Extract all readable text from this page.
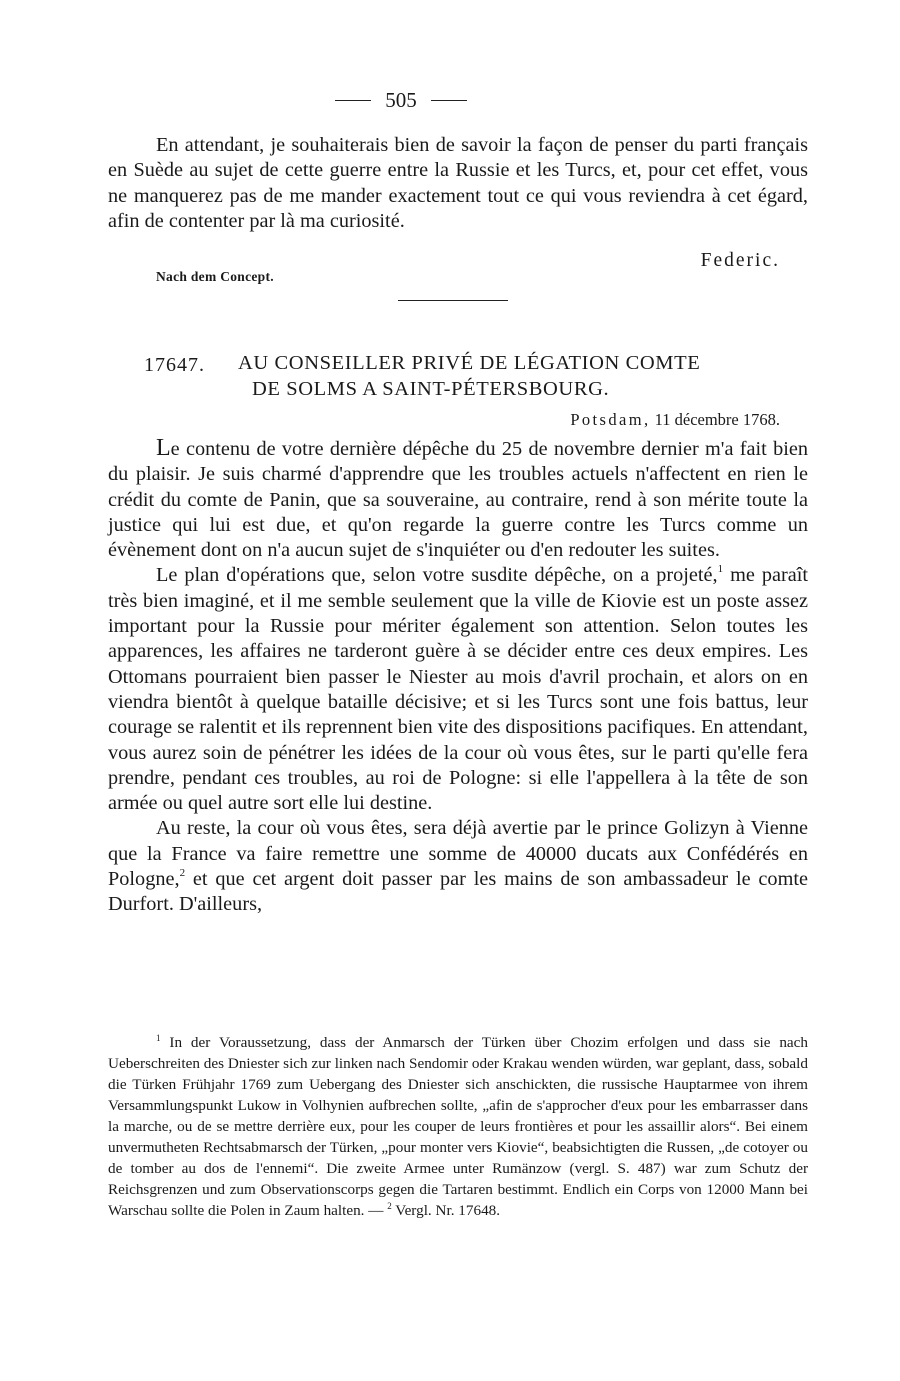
505

En attendant, je souhaiterais bien de savoir la façon de penser du parti français en Suède au sujet de cette guerre entre la Russie et les Turcs, et, pour cet effet, vous ne manquerez pas de me mander exactement tout ce qui vous reviendra à cet égard, afin de contenter par là ma curiosité.

Federic.
Nach dem Concept.
17647. AU CONSEILLER PRIVÉ DE LÉGATION COMTE
DE SOLMS A SAINT-PÉTERSBOURG.
Potsdam, 11 décembre 1768.

Le contenu de votre dernière dépêche du 25 de novembre dernier m'a fait bien du plaisir. Je suis charmé d'apprendre que les troubles actuels n'affectent en rien le crédit du comte de Panin, que sa souveraine, au contraire, rend à son mérite toute la justice qui lui est due, et qu'on regarde la guerre contre les Turcs comme un évènement dont on n'a aucun sujet de s'inquiéter ou d'en redouter les suites.

Le plan d'opérations que, selon votre susdite dépêche, on a projeté,$^1$ me paraît très bien imaginé, et il me semble seulement que la ville de Kiovie est un poste assez important pour la Russie pour mériter également son attention. Selon toutes les apparences, les affaires ne tarderont guère à se décider entre ces deux empires. Les Ottomans pourraient bien passer le Niester au mois d'avril prochain, et alors on en viendra bientôt à quelque bataille décisive; et si les Turcs sont une fois battus, leur courage se ralentit et ils reprennent bien vite des dispositions pacifiques. En attendant, vous aurez soin de pénétrer les idées de la cour où vous êtes, sur le parti qu'elle fera prendre, pendant ces troubles, au roi de Pologne: si elle l'appellera à la tête de son armée ou quel autre sort elle lui destine.

Au reste, la cour où vous êtes, sera déjà avertie par le prince Golizyn à Vienne que la France va faire remettre une somme de 40000 ducats aux Confédérés en Pologne,$^2$ et que cet argent doit passer par les mains de son ambassadeur le comte Durfort. D'ailleurs,

$^1$ In der Voraussetzung, dass der Anmarsch der Türken über Chozim erfolgen und dass sie nach Ueberschreiten des Dniester sich zur linken nach Sendomir oder Krakau wenden würden, war geplant, dass, sobald die Türken Frühjahr 1769 zum Uebergang des Dniester sich anschickten, die russische Hauptarmee von ihrem Versammlungspunkt Lukow in Volhynien aufbrechen sollte, „afin de s'approcher d'eux pour les embarrasser dans la marche, ou de se mettre derrière eux, pour les couper de leurs frontières et pour les assaillir alors“. Bei einem unvermutheten Rechtsabmarsch der Türken, „pour monter vers Kiovie“, beabsichtigten die Russen, „de cotoyer ou de tomber au dos de l'ennemi“. Die zweite Armee unter Rumänzow (vergl. S. 487) war zum Schutz der Reichsgrenzen und zum Observationscorps gegen die Tartaren bestimmt. Endlich ein Corps von 12000 Mann bei Warschau sollte die Polen in Zaum halten. — $^2$ Vergl. Nr. 17648.
